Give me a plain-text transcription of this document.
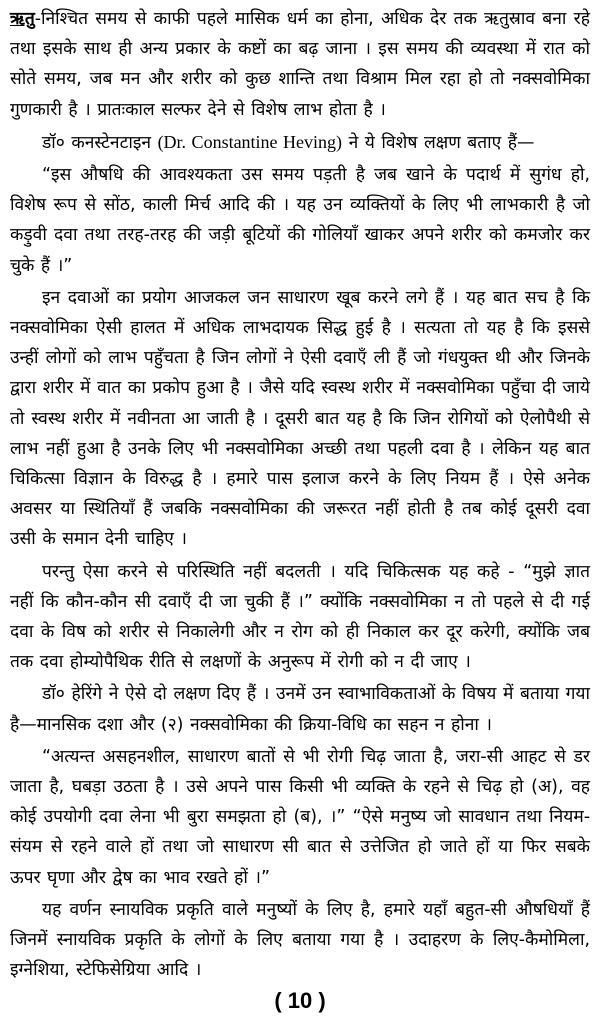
ऋतु-निश्चित समय से काफी पहले मासिक धर्म का होना, अधिक देर तक ऋतुस्राव बना रहे तथा इसके साथ ही अन्य प्रकार के कष्टों का बढ़ जाना । इस समय की व्यवस्था में रात को सोते समय, जब मन और शरीर को कुछ शान्ति तथा विश्राम मिल रहा हो तो नक्सवोमिका गुणकारी है । प्रातःकाल सल्फर देने से विशेष लाभ होता है ।

डॉ० कनस्टेनटाइन (Dr. Constantine Heving) ने ये विशेष लक्षण बताए हैं—

“इस औषधि की आवश्यकता उस समय पड़ती है जब खाने के पदार्थ में सुगंध हो, विशेष रूप से सोंठ, काली मिर्च आदि की । यह उन व्यक्तियों के लिए भी लाभकारी है जो कड़ुवी दवा तथा तरह-तरह की जड़ी बूटियों की गोलियाँ खाकर अपने शरीर को कमजोर कर चुके हैं ।”

इन दवाओं का प्रयोग आजकल जन साधारण खूब करने लगे हैं । यह बात सच है कि नक्सवोमिका ऐसी हालत में अधिक लाभदायक सिद्ध हुई है । सत्यता तो यह है कि इससे उन्हीं लोगों को लाभ पहुँचता है जिन लोगों ने ऐसी दवाएँ ली हैं जो गंधयुक्त थी और जिनके द्वारा शरीर में वात का प्रकोप हुआ है । जैसे यदि स्वस्थ शरीर में नक्सवोमिका पहुँचा दी जाये तो स्वस्थ शरीर में नवीनता आ जाती है । दूसरी बात यह है कि जिन रोगियों को ऐलोपैथी से लाभ नहीं हुआ है उनके लिए भी नक्सवोमिका अच्छी तथा पहली दवा है । लेकिन यह बात चिकित्सा विज्ञान के विरुद्ध है । हमारे पास इलाज करने के लिए नियम हैं । ऐसे अनेक अवसर या स्थितियाँ हैं जबकि नक्सवोमिका की जरूरत नहीं होती है तब कोई दूसरी दवा उसी के समान देनी चाहिए ।

परन्तु ऐसा करने से परिस्थिति नहीं बदलती । यदि चिकित्सक यह कहे - “मुझे ज्ञात नहीं कि कौन-कौन सी दवाएँ दी जा चुकी हैं ।” क्योंकि नक्सवोमिका न तो पहले से दी गई दवा के विष को शरीर से निकालेगी और न रोग को ही निकाल कर दूर करेगी, क्योंकि जब तक दवा होम्योपैथिक रीति से लक्षणों के अनुरूप में रोगी को न दी जाए ।

डॉ० हेरिंगे ने ऐसे दो लक्षण दिए हैं । उनमें उन स्वाभाविकताओं के विषय में बताया गया है—मानसिक दशा और (२) नक्सवोमिका की क्रिया-विधि का सहन न होना ।

“अत्यन्त असहनशील, साधारण बातों से भी रोगी चिढ़ जाता है, जरा-सी आहट से डर जाता है, घबड़ा उठता है । उसे अपने पास किसी भी व्यक्ति के रहने से चिढ़ हो (अ), वह कोई उपयोगी दवा लेना भी बुरा समझता हो (ब), ।” “ऐसे मनुष्य जो सावधान तथा नियम-संयम से रहने वाले हों तथा जो साधारण सी बात से उत्तेजित हो जाते हों या फिर सबके ऊपर घृणा और द्वेष का भाव रखते हों ।”

यह वर्णन स्नायविक प्रकृति वाले मनुष्यों के लिए है, हमारे यहाँ बहुत-सी औषधियाँ हैं जिनमें स्नायविक प्रकृति के लोगों के लिए बताया गया है । उदाहरण के लिए-कैमोमिला, इग्नेशिया, स्टेफिसेग्रिया आदि ।

( 10 )
